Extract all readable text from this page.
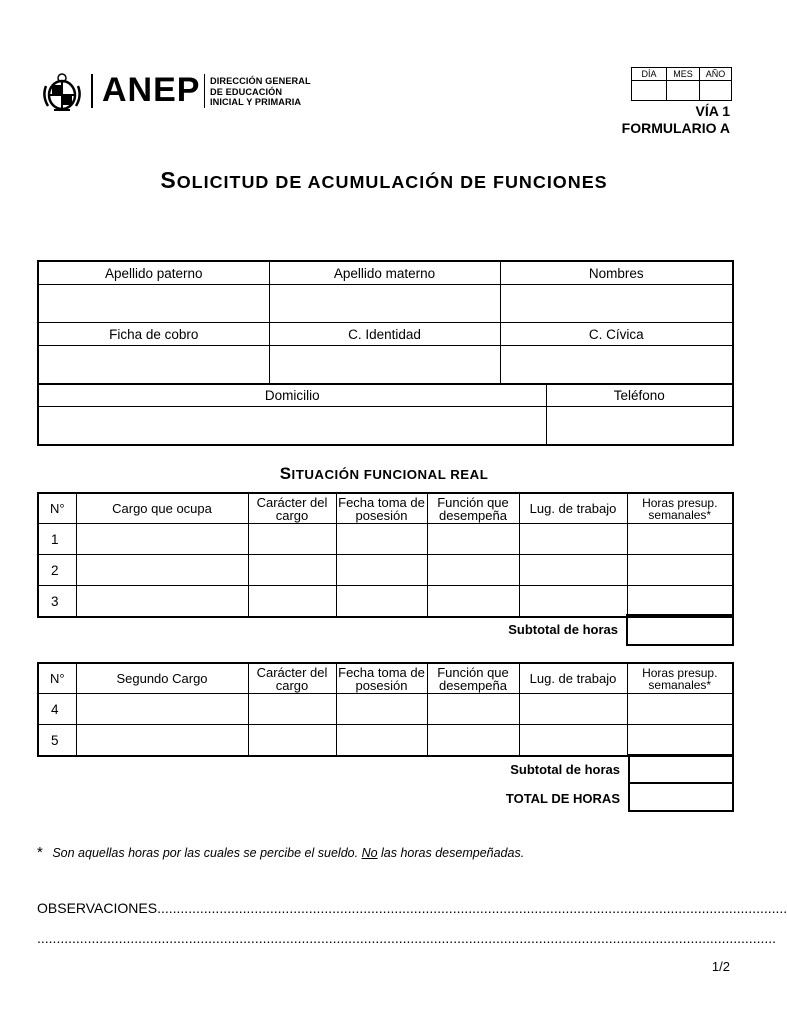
ANEP DIRECCIÓN GENERAL
DE EDUCACIÓN
INICIAL Y PRIMARIA
DÍA	MES	AÑO

VÍA 1
FORMULARIO A
SOLICITUD DE ACUMULACIÓN DE FUNCIONES
Apellido paterno	Apellido materno	Nombres

Ficha de cobro	C. Identidad	C. Cívica

Domicilio	Teléfono

SITUACIÓN FUNCIONAL REAL
N°	Cargo que ocupa	Carácter del cargo	Fecha toma de posesión	Función que desempeña	Lug. de trabajo	Horas presup. semanales*
1						
2						
3						
Subtotal de horas
N°	Segundo Cargo	Carácter del cargo	Fecha toma de posesión	Función que desempeña	Lug. de trabajo	Horas presup. semanales*
4						
5						
Subtotal de horas
TOTAL DE HORAS
* Son aquellas horas por las cuales se percibe el sueldo. No las horas desempeñadas.
OBSERVACIONES..................................................................................................................................................................
..............................................................................................................................................................................................
1/2
